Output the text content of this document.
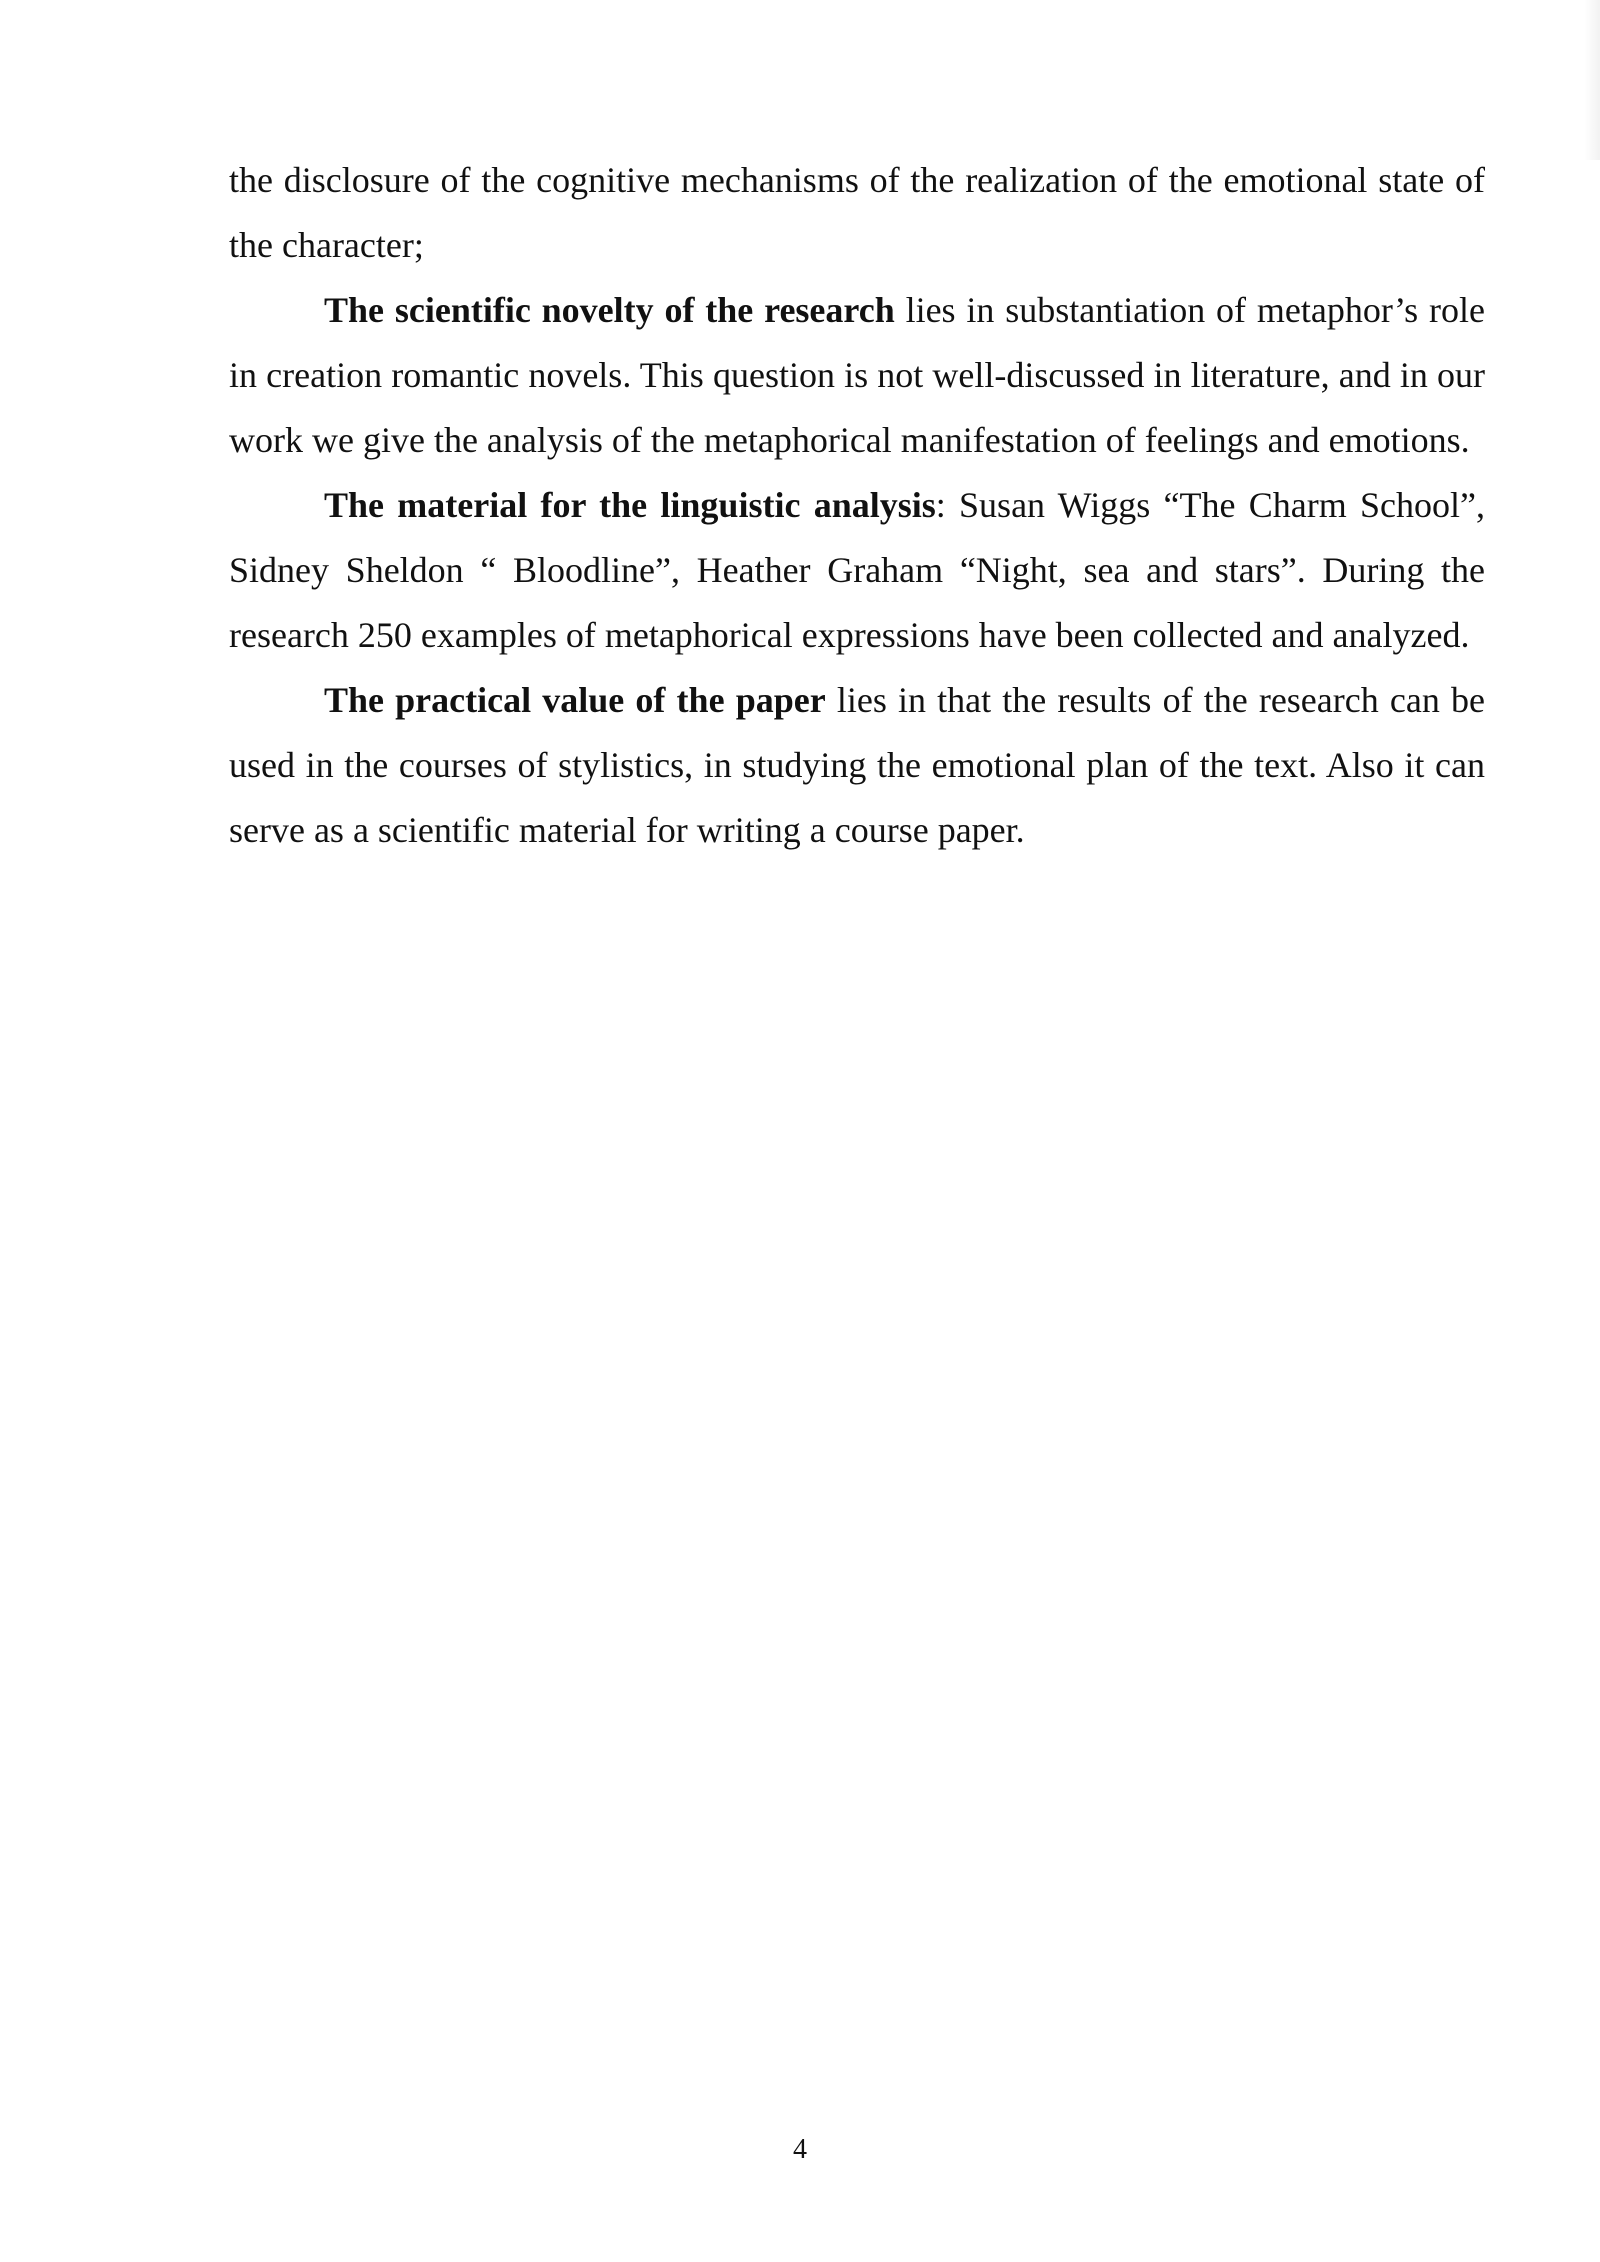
the disclosure of the cognitive mechanisms of the realization of the emotional state of the character;

The scientific novelty of the research lies in substantiation of metaphor’s role in creation romantic novels. This question is not well-discussed in literature, and in our work we give the analysis of the metaphorical manifestation of feelings and emotions.

The material for the linguistic analysis: Susan Wiggs “The Charm School”, Sidney Sheldon “ Bloodline”, Heather Graham “Night, sea and stars”. During the research 250 examples of metaphorical expressions have been collected and analyzed.

The practical value of the paper lies in that the results of the research can be used in the courses of stylistics, in studying the emotional plan of the text. Also it can serve as a scientific material for writing a course paper.

4
